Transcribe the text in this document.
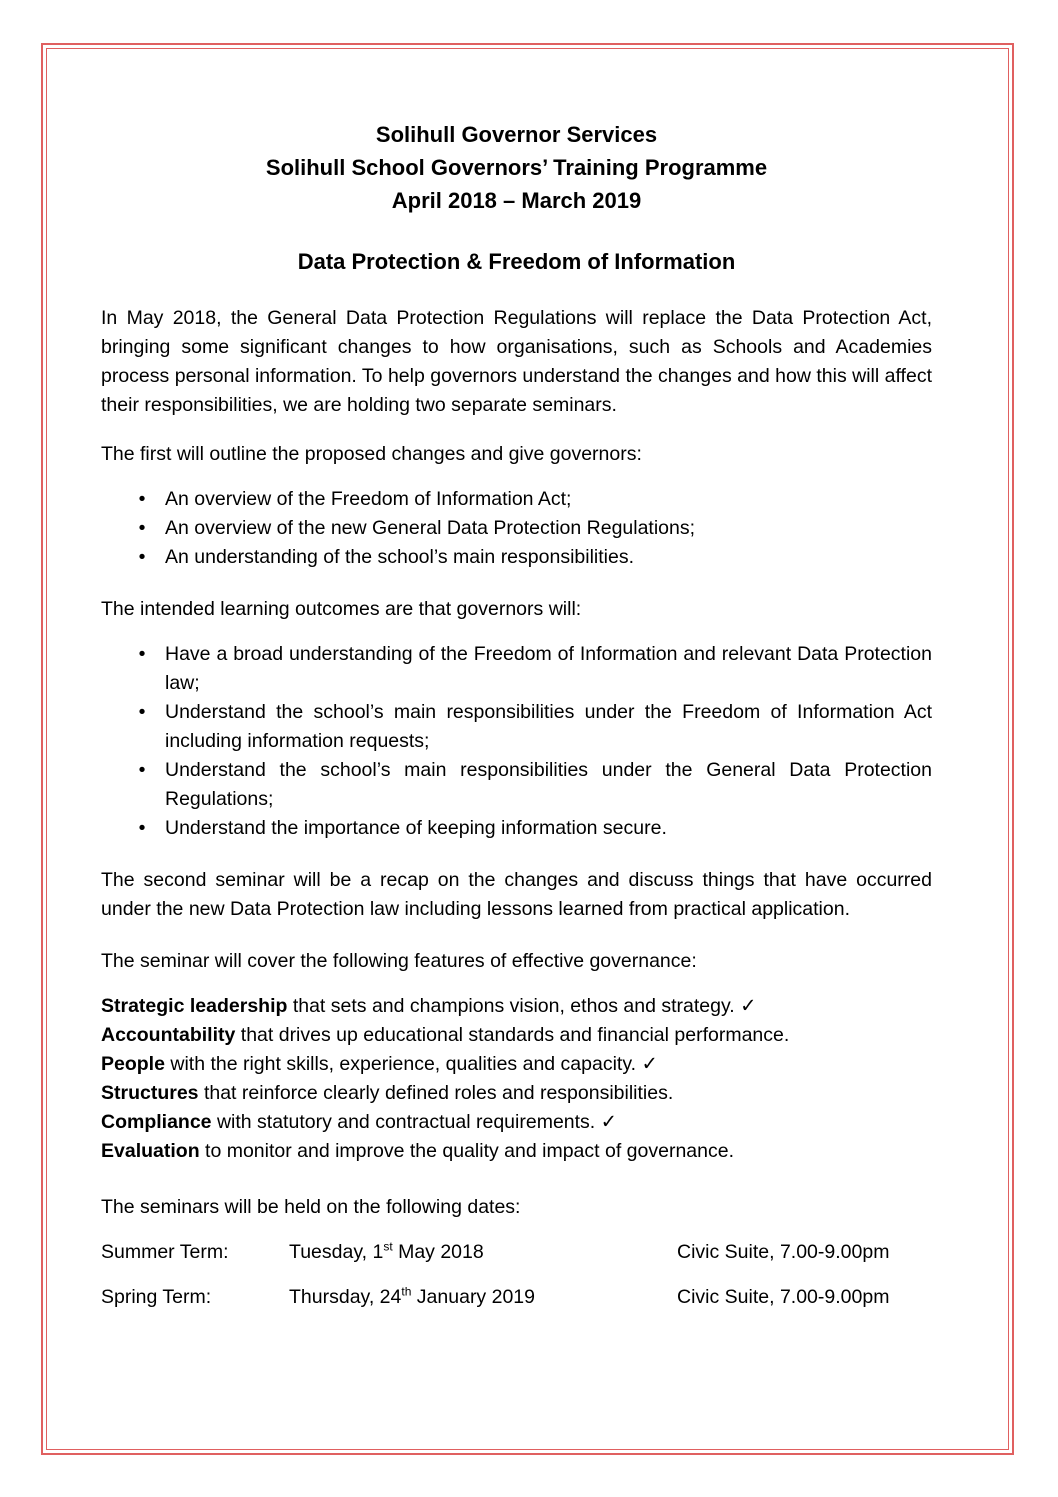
Solihull Governor Services
Solihull School Governors’ Training Programme
April 2018 – March 2019
Data Protection & Freedom of Information

In May 2018, the General Data Protection Regulations will replace the Data Protection Act, bringing some significant changes to how organisations, such as Schools and Academies process personal information. To help governors understand the changes and how this will affect their responsibilities, we are holding two separate seminars.

The first will outline the proposed changes and give governors:

• An overview of the Freedom of Information Act;
• An overview of the new General Data Protection Regulations;
• An understanding of the school’s main responsibilities.

The intended learning outcomes are that governors will:

• Have a broad understanding of the Freedom of Information and relevant Data Protection law;
• Understand the school’s main responsibilities under the Freedom of Information Act including information requests;
• Understand the school’s main responsibilities under the General Data Protection Regulations;
• Understand the importance of keeping information secure.

The second seminar will be a recap on the changes and discuss things that have occurred under the new Data Protection law including lessons learned from practical application.

The seminar will cover the following features of effective governance:

Strategic leadership that sets and champions vision, ethos and strategy. ✓

Accountability that drives up educational standards and financial performance.

People with the right skills, experience, qualities and capacity. ✓

Structures that reinforce clearly defined roles and responsibilities.

Compliance with statutory and contractual requirements. ✓

Evaluation to monitor and improve the quality and impact of governance.

The seminars will be held on the following dates:

Summer Term:	Tuesday, 1st May 2018	Civic Suite, 7.00-9.00pm
Spring Term:	Thursday, 24th January 2019	Civic Suite, 7.00-9.00pm
